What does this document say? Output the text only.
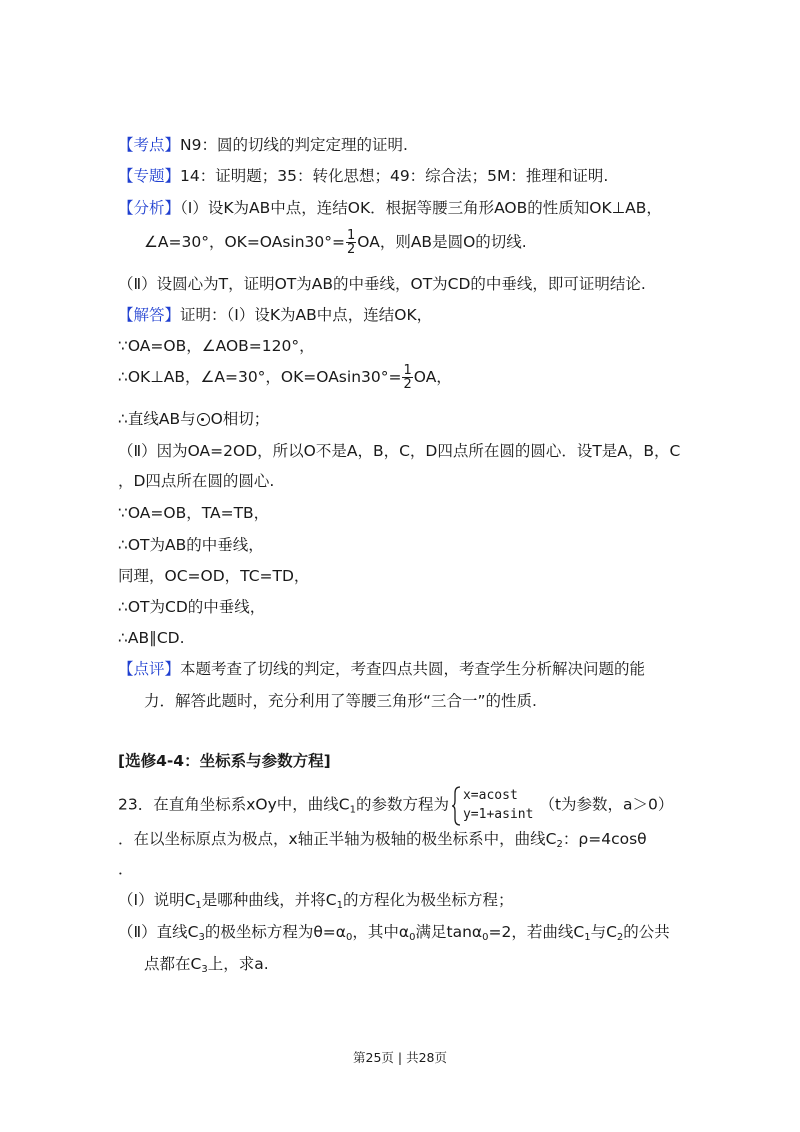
【考点】N9：圆的切线的判定定理的证明.
【专题】14：证明题；35：转化思想；49：综合法；5M：推理和证明.
【分析】（Ⅰ）设K为AB中点，连结OK．根据等腰三角形AOB的性质知OK⊥AB，
∠A=30°，$OK=OAsin30^\circ= \frac{1}{2}$ OA，则AB是圆O的切线.
（Ⅱ）设圆心为T，证明OT为AB的中垂线，OT为CD的中垂线，即可证明结论.
【解答】证明：（Ⅰ）设K为AB中点，连结OK，
∵OA=OB，∠AOB=120°，
∴OK⊥AB，∠A=30°，$OK=OAsin30^\circ= \frac{1}{2}$ OA，
∴直线AB与 O相切；
（Ⅱ）因为OA=2OD，所以O不是A，B，C，D四点所在圆的圆心．设T是A，B，C
，D四点所在圆的圆心.
∵OA=OB，TA=TB，
∴OT为AB的中垂线，
同理，OC=OD，TC=TD，
∴OT为CD的中垂线，
∴AB∥CD.
【点评】本题考查了切线的判定，考查四点共圆，考查学生分析解决问题的能
力．解答此题时，充分利用了等腰三角形“三合一”的性质.
[选修4-4：坐标系与参数方程]
23．在直角坐标系xOy中，曲线$C_1$的参数方程为 x=acost
y=1+asint
（t为参数，a＞0）
．在以坐标原点为极点，x轴正半轴为极轴的极坐标系中，曲线$C_2$：ρ=4cosθ
．
（Ⅰ）说明$C_1$是哪种曲线，并将$C_1$的方程化为极坐标方程；
（Ⅱ）直线$C_3$的极坐标方程为$\theta=\alpha_0$，其中$\alpha_0$满足tanα$_0$=2，若曲线$C_1$与$C_2$的公共
点都在$C_3$上，求a.
第25页 | 共28页
